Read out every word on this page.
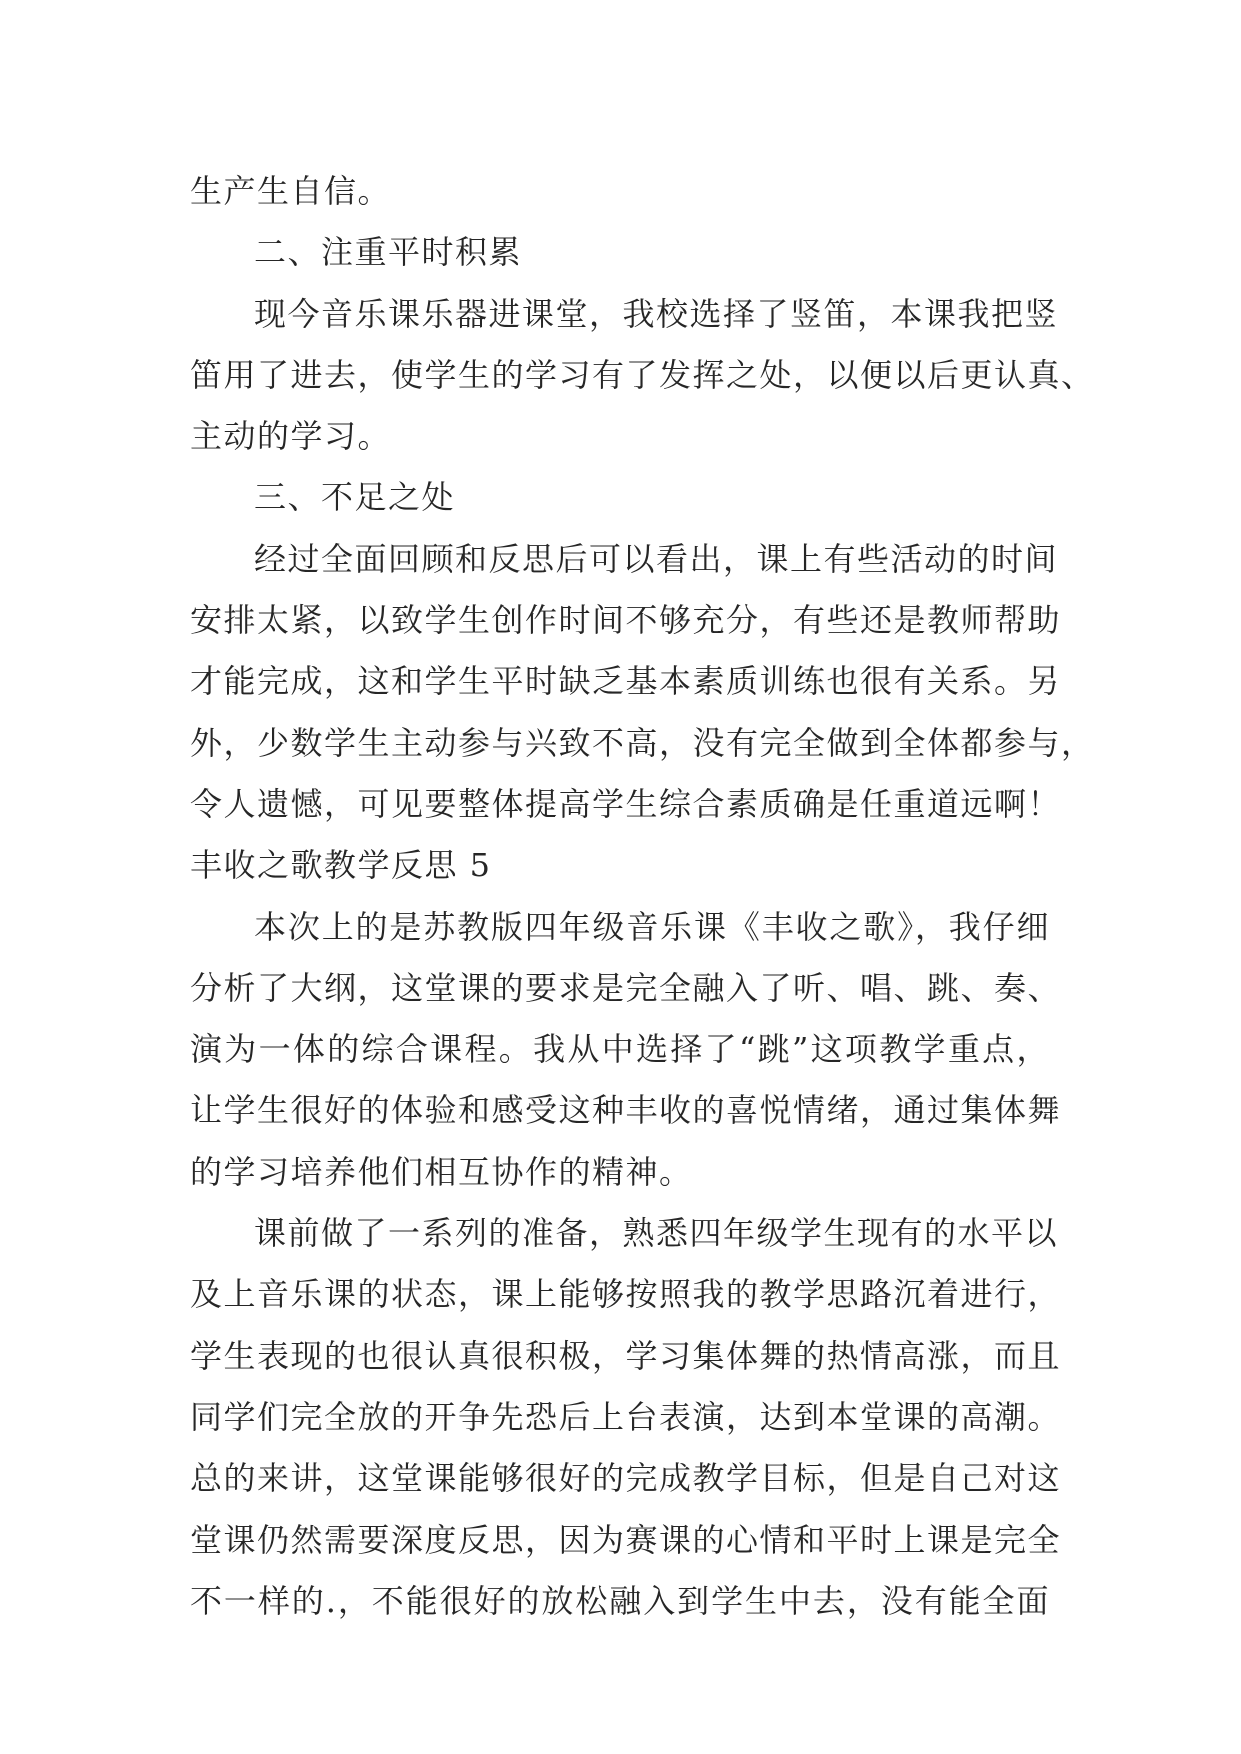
生产生自信。
二、注重平时积累
现今音乐课乐器进课堂，我校选择了竖笛，本课我把竖
笛用了进去，使学生的学习有了发挥之处，以便以后更认真、
主动的学习。
三、不足之处
经过全面回顾和反思后可以看出，课上有些活动的时间
安排太紧，以致学生创作时间不够充分，有些还是教师帮助
才能完成，这和学生平时缺乏基本素质训练也很有关系。另
外，少数学生主动参与兴致不高，没有完全做到全体都参与，
令人遗憾，可见要整体提高学生综合素质确是任重道远啊！
丰收之歌教学反思 5
本次上的是苏教版四年级音乐课《丰收之歌》，我仔细
分析了大纲，这堂课的要求是完全融入了听、唱、跳、奏、
演为一体的综合课程。我从中选择了“跳”这项教学重点，
让学生很好的体验和感受这种丰收的喜悦情绪，通过集体舞
的学习培养他们相互协作的精神。
课前做了一系列的准备，熟悉四年级学生现有的水平以
及上音乐课的状态，课上能够按照我的教学思路沉着进行，
学生表现的也很认真很积极，学习集体舞的热情高涨，而且
同学们完全放的开争先恐后上台表演，达到本堂课的高潮。
总的来讲，这堂课能够很好的完成教学目标，但是自己对这
堂课仍然需要深度反思，因为赛课的心情和平时上课是完全
不一样的.，不能很好的放松融入到学生中去，没有能全面
